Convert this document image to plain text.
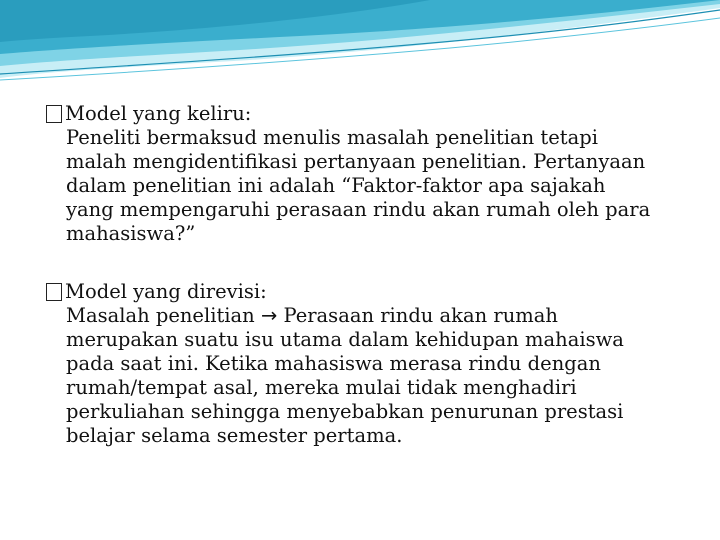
Model yang keliru:
Peneliti bermaksud menulis masalah penelitian tetapi
malah mengidentifikasi pertanyaan penelitian. Pertanyaan
dalam penelitian ini adalah “Faktor-faktor apa sajakah
yang mempengaruhi perasaan rindu akan rumah oleh para
mahasiswa?”
Model yang direvisi:
Masalah penelitian → Perasaan rindu akan rumah
merupakan suatu isu utama dalam kehidupan mahaiswa
pada saat ini. Ketika mahasiswa merasa rindu dengan
rumah/tempat asal, mereka mulai tidak menghadiri
perkuliahan sehingga menyebabkan penurunan prestasi
belajar selama semester pertama.
